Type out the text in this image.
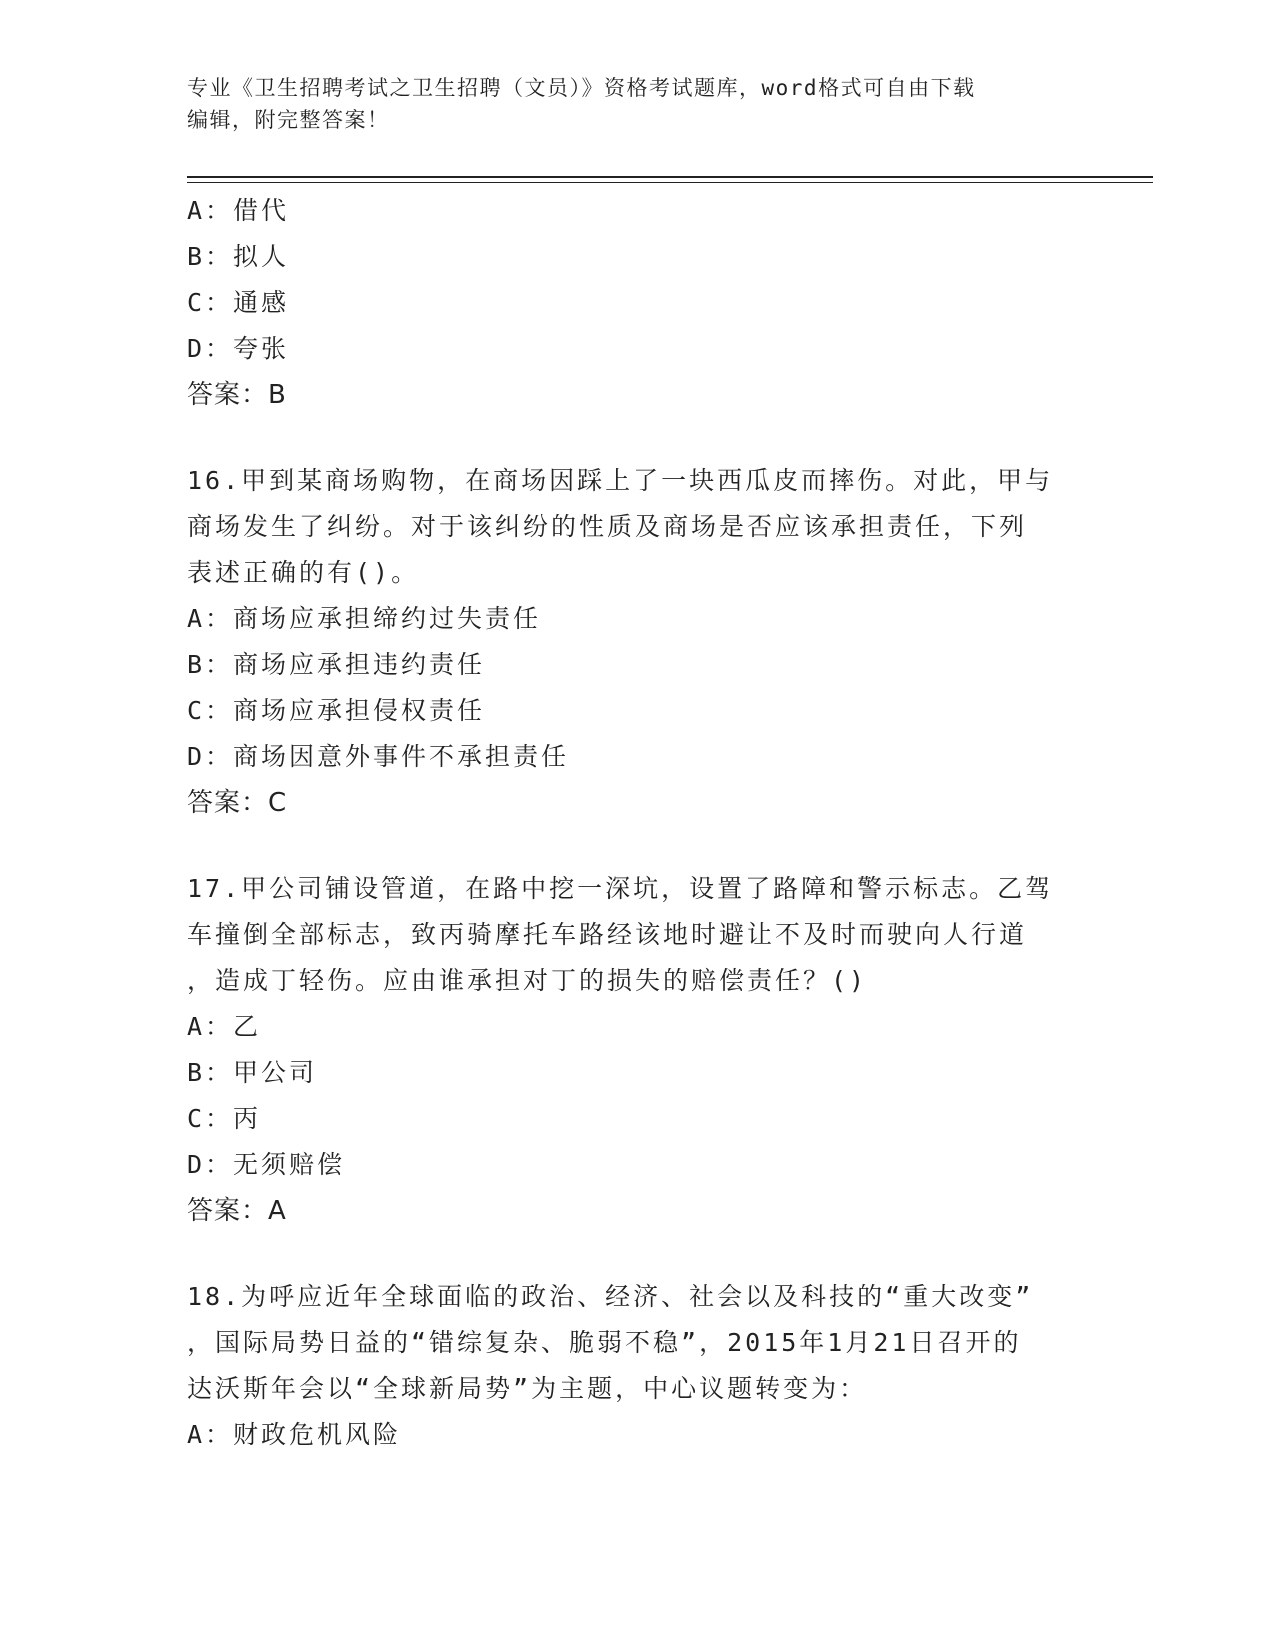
专业《卫生招聘考试之卫生招聘（文员）》资格考试题库，word格式可自由下载
编辑，附完整答案！
A：借代
B：拟人
C：通感
D：夸张
答案：B
16.甲到某商场购物，在商场因踩上了一块西瓜皮而摔伤。对此，甲与
商场发生了纠纷。对于该纠纷的性质及商场是否应该承担责任，下列
表述正确的有()。
A：商场应承担缔约过失责任
B：商场应承担违约责任
C：商场应承担侵权责任
D：商场因意外事件不承担责任
答案：C
17.甲公司铺设管道，在路中挖一深坑，设置了路障和警示标志。乙驾
车撞倒全部标志，致丙骑摩托车路经该地时避让不及时而驶向人行道
，造成丁轻伤。应由谁承担对丁的损失的赔偿责任？()
A：乙
B：甲公司
C：丙
D：无须赔偿
答案：A
18.为呼应近年全球面临的政治、经济、社会以及科技的“重大改变”
，国际局势日益的“错综复杂、脆弱不稳”，2015年1月21日召开的
达沃斯年会以“全球新局势”为主题，中心议题转变为：
A：财政危机风险
